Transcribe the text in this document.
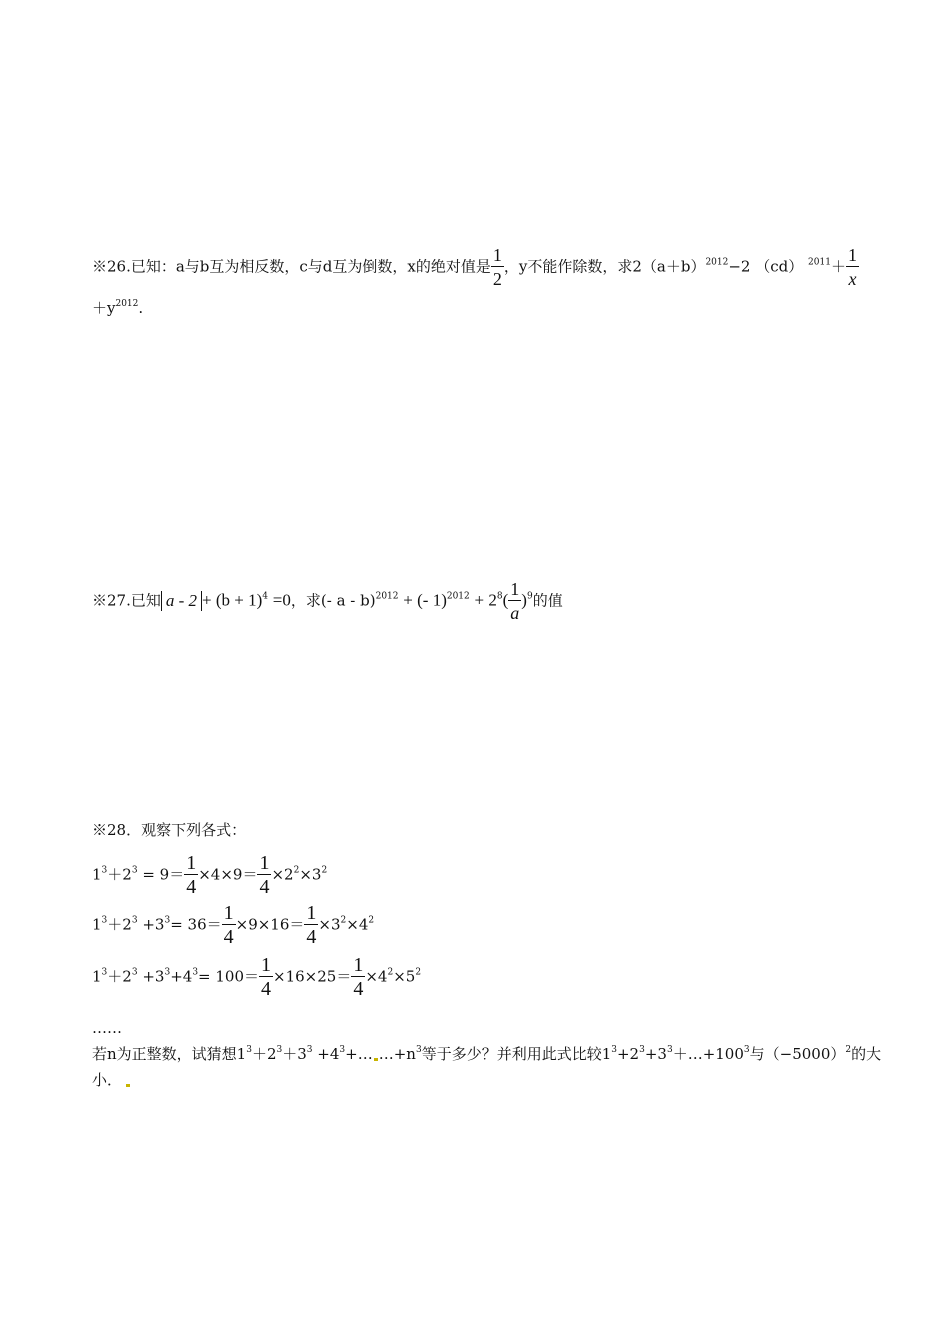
※26.已知：a与b互为相反数，c与d互为倒数，x的绝对值是 $\frac{1}{2}$ ，y不能作除数，求$2(a+b)^{2012}-2$ （cd） $^{2011}+ \frac{1}{x}$
$+y^{2012}$.
※27.已知 $a - 2 + (b + 1)^4 =0$，求(- a - b)$^{2012}$ + (- $1)^{2012} + 2^8( \frac{1}{a} )^9$的值
※28．观察下列各式：
$1^3+2^3 = 9= \frac{1}{4} \times 4\times 9= \frac{1}{4} \times 2^2\times 3^2$
$1^3+2^3 +3^3= 36= \frac{1}{4} \times 9\times 16= \frac{1}{4} \times 3^2\times 4^2$
$1^3+2^3 +3^3+4^3= 100= \frac{1}{4} \times 16\times 25= \frac{1}{4} \times 4^2\times 5^2$
……
若n为正整数，试猜想$1^3+2^3+3^3$ $+4^3+\dots$ $\dots+n^3$等于多少？并利用此式比较$1^3+2^3+3^3+\dots+100^3$与$(-5000)^2$的大
小．
